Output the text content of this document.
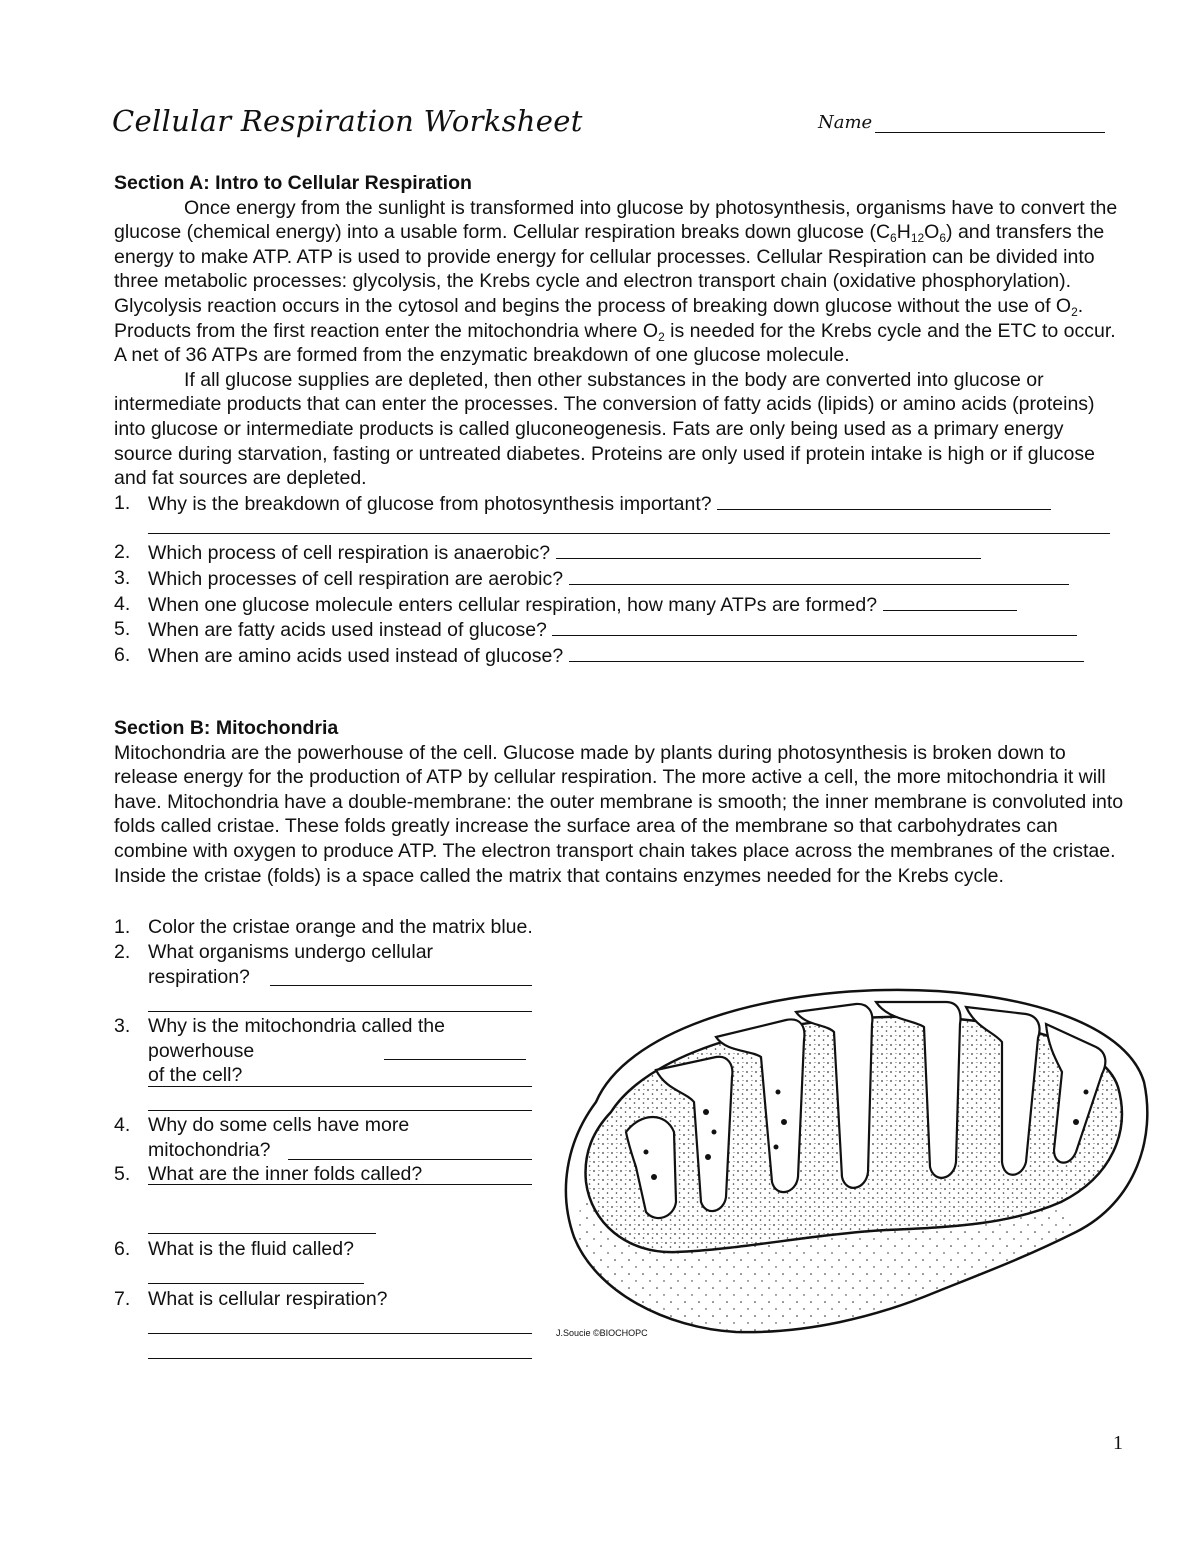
Cellular Respiration Worksheet	Name
Section A: Intro to Cellular Respiration
Once energy from the sunlight is transformed into glucose by photosynthesis, organisms have to convert the glucose (chemical energy) into a usable form. Cellular respiration breaks down glucose $(C_6H_{12}O_6)$ and transfers the energy to make ATP. ATP is used to provide energy for cellular processes. Cellular Respiration can be divided into three metabolic processes: glycolysis, the Krebs cycle and electron transport chain (oxidative phosphorylation). Glycolysis reaction occurs in the cytosol and begins the process of breaking down glucose without the use of $O_2$. Products from the first reaction enter the mitochondria where $O_2$ is needed for the Krebs cycle and the ETC to occur. A net of 36 ATPs are formed from the enzymatic breakdown of one glucose molecule.
If all glucose supplies are depleted, then other substances in the body are converted into glucose or intermediate products that can enter the processes. The conversion of fatty acids (lipids) or amino acids (proteins) into glucose or intermediate products is called gluconeogenesis. Fats are only being used as a primary energy source during starvation, fasting or untreated diabetes. Proteins are only used if protein intake is high or if glucose and fat sources are depleted.
1. Why is the breakdown of glucose from photosynthesis important?
2. Which process of cell respiration is anaerobic?
3. Which processes of cell respiration are aerobic?
4. When one glucose molecule enters cellular respiration, how many ATPs are formed?
5. When are fatty acids used instead of glucose?
6. When are amino acids used instead of glucose?
Section B: Mitochondria
Mitochondria are the powerhouse of the cell. Glucose made by plants during photosynthesis is broken down to release energy for the production of ATP by cellular respiration. The more active a cell, the more mitochondria it will have. Mitochondria have a double-membrane: the outer membrane is smooth; the inner membrane is convoluted into folds called cristae. These folds greatly increase the surface area of the membrane so that carbohydrates can combine with oxygen to produce ATP. The electron transport chain takes place across the membranes of the cristae. Inside the cristae (folds) is a space called the matrix that contains enzymes needed for the Krebs cycle.
1. Color the cristae orange and the matrix blue.
2. What organisms undergo cellular
respiration?
3. Why is the mitochondria called the
powerhouse of the cell?
4. Why do some cells have more
mitochondria?
5. What are the inner folds called?
6. What is the fluid called?
7. What is cellular respiration?
J.Soucie ©BIOCHOPC
1
